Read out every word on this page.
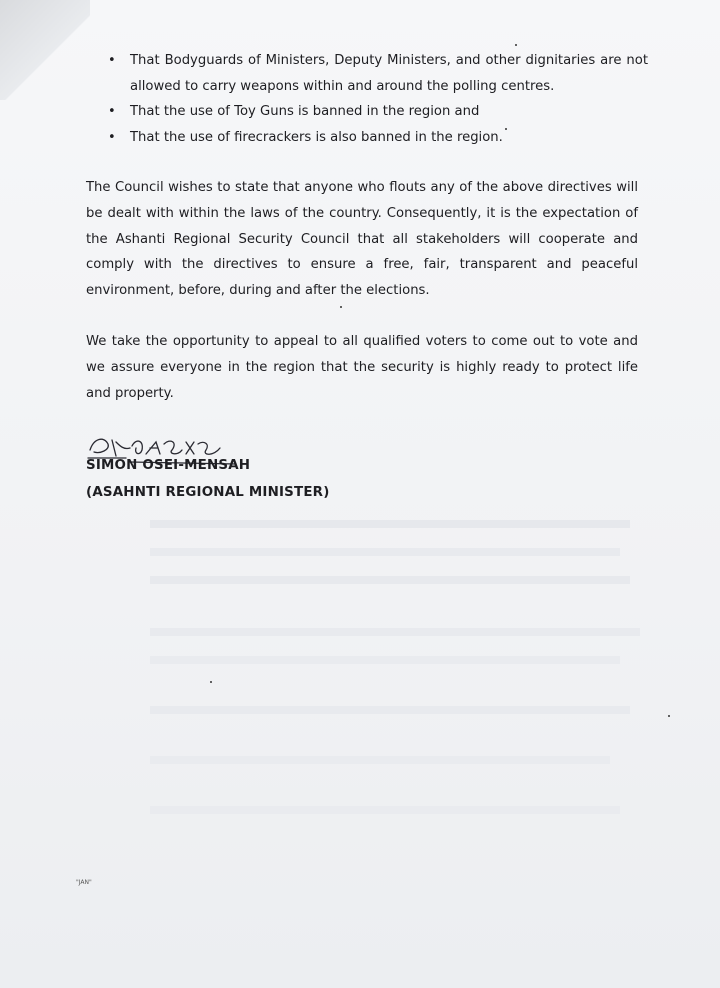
• That Bodyguards of Ministers, Deputy Ministers, and other dignitaries are not allowed to carry weapons within and around the polling centres.
• That the use of Toy Guns is banned in the region and
• That the use of firecrackers is also banned in the region.

The Council wishes to state that anyone who flouts any of the above directives will be dealt with within the laws of the country. Consequently, it is the expectation of the Ashanti Regional Security Council that all stakeholders will cooperate and comply with the directives to ensure a free, fair, transparent and peaceful environment, before, during and after the elections.

We take the opportunity to appeal to all qualified voters to come out to vote and we assure everyone in the region that the security is highly ready to protect life and property.

SIMON OSEI-MENSAH
(ASAHNTI REGIONAL MINISTER)
"JAN"
